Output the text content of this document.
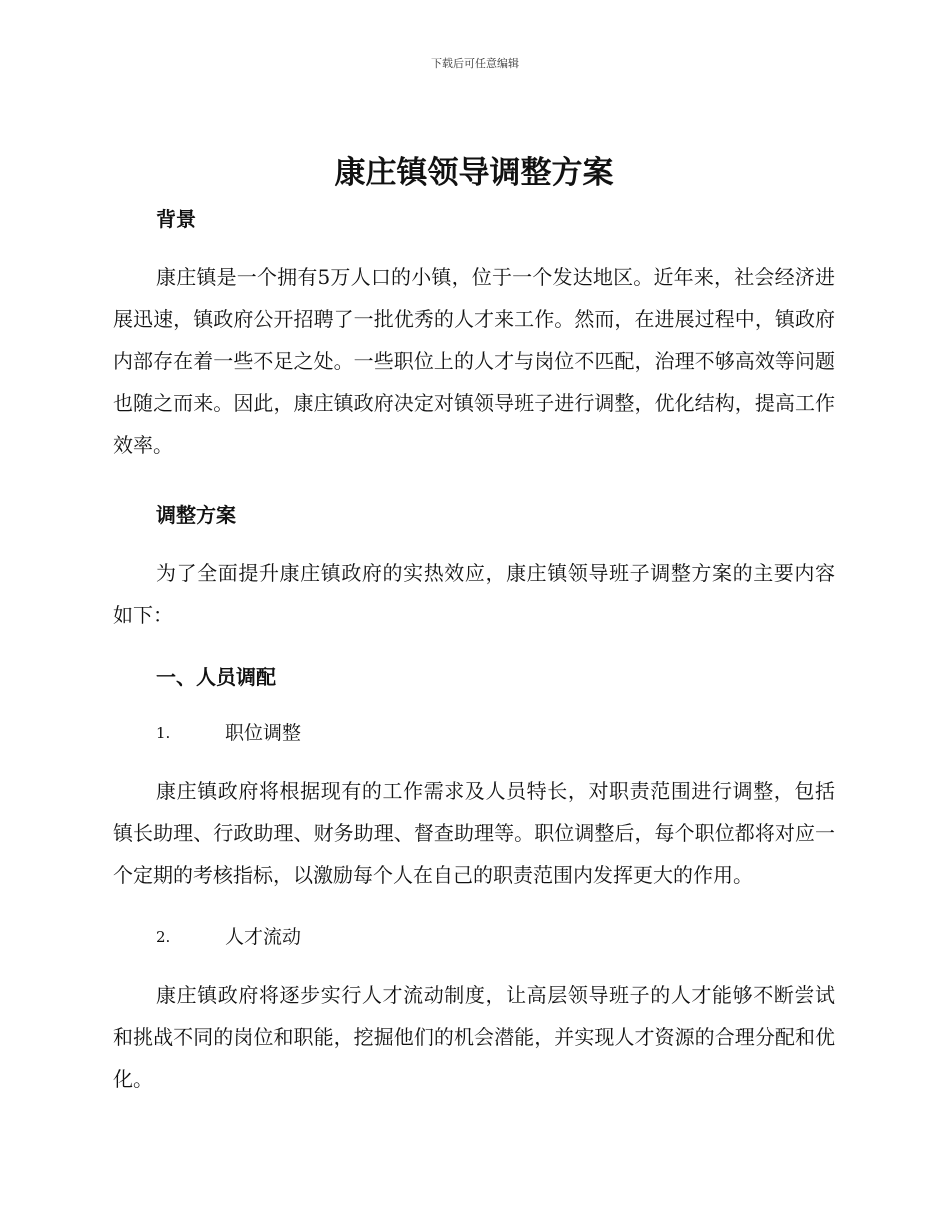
下载后可任意编辑
康庄镇领导调整方案

背景

康庄镇是一个拥有5万人口的小镇，位于一个发达地区。近年来，社会经济进展迅速，镇政府公开招聘了一批优秀的人才来工作。然而，在进展过程中，镇政府内部存在着一些不足之处。一些职位上的人才与岗位不匹配，治理不够高效等问题也随之而来。因此，康庄镇政府决定对镇领导班子进行调整，优化结构，提高工作效率。

调整方案

为了全面提升康庄镇政府的实热效应，康庄镇领导班子调整方案的主要内容如下：

一、人员调配

1.	职位调整

康庄镇政府将根据现有的工作需求及人员特长，对职责范围进行调整，包括镇长助理、行政助理、财务助理、督查助理等。职位调整后，每个职位都将对应一个定期的考核指标，以激励每个人在自己的职责范围内发挥更大的作用。

2.	人才流动

康庄镇政府将逐步实行人才流动制度，让高层领导班子的人才能够不断尝试和挑战不同的岗位和职能，挖掘他们的机会潜能，并实现人才资源的合理分配和优化。
